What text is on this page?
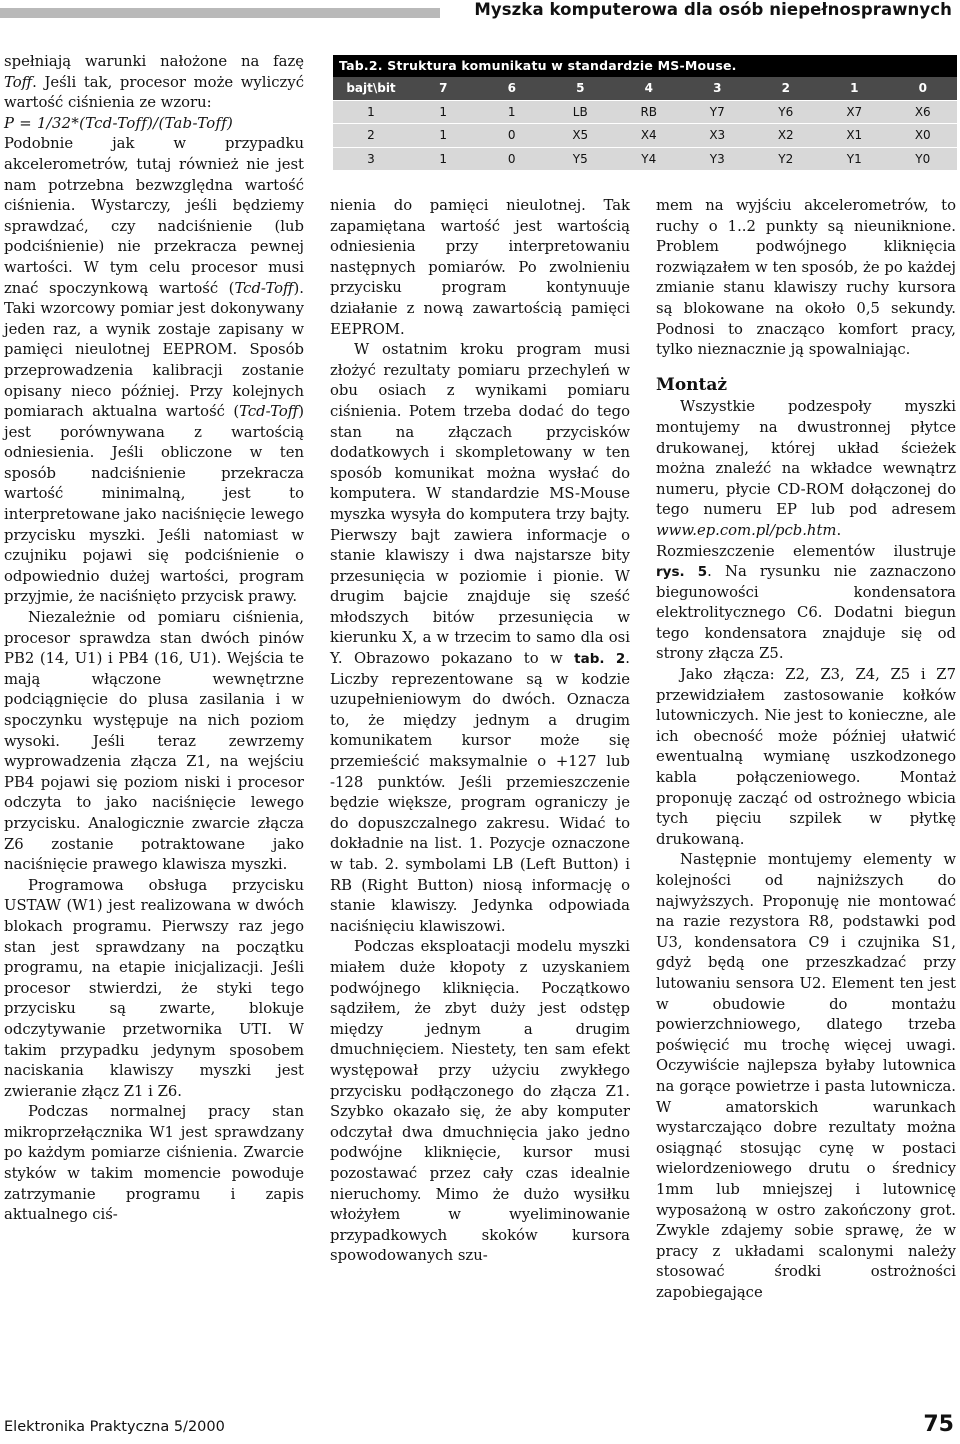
Myszka komputerowa dla osób niepełnosprawnych

spełniają warunki nałożone na fazę Toff. Jeśli tak, procesor może wyliczyć wartość ciśnienia ze wzoru:

P = 1/32*(Tcd-Toff)/(Tab-Toff)

Podobnie jak w przypadku akcelerometrów, tutaj również nie jest nam potrzebna bezwzględna wartość ciśnienia. Wystarczy, jeśli będziemy sprawdzać, czy nadciśnienie (lub podciśnienie) nie przekracza pewnej wartości. W tym celu procesor musi znać spoczynkową wartość (Tcd-Toff). Taki wzorcowy pomiar jest dokonywany jeden raz, a wynik zostaje zapisany w pamięci nieulotnej EEPROM. Sposób przeprowadzenia kalibracji zostanie opisany nieco później. Przy kolejnych pomiarach aktualna wartość (Tcd-Toff) jest porównywana z wartością odniesienia. Jeśli obliczone w ten sposób nadciśnienie przekracza wartość minimalną, jest to interpretowane jako naciśnięcie lewego przycisku myszki. Jeśli natomiast w czujniku pojawi się podciśnienie o odpowiednio dużej wartości, program przyjmie, że naciśnięto przycisk prawy.

Niezależnie od pomiaru ciśnienia, procesor sprawdza stan dwóch pinów PB2 (14, U1) i PB4 (16, U1). Wejścia te mają włączone wewnętrzne podciągnięcie do plusa zasilania i w spoczynku występuje na nich poziom wysoki. Jeśli teraz zewrzemy wyprowadzenia złącza Z1, na wejściu PB4 pojawi się poziom niski i procesor odczyta to jako naciśnięcie lewego przycisku. Analogicznie zwarcie złącza Z6 zostanie potraktowane jako naciśnięcie prawego klawisza myszki.

Programowa obsługa przycisku USTAW (W1) jest realizowana w dwóch blokach programu. Pierwszy raz jego stan jest sprawdzany na początku programu, na etapie inicjalizacji. Jeśli procesor stwierdzi, że styki tego przycisku są zwarte, blokuje odczytywanie przetwornika UTI. W takim przypadku jedynym sposobem naciskania klawiszy myszki jest zwieranie złącz Z1 i Z6.

Podczas normalnej pracy stan mikroprzełącznika W1 jest sprawdzany po każdym pomiarze ciśnienia. Zwarcie styków w takim momencie powoduje zatrzymanie programu i zapis aktualnego ciś-

Tab.2. Struktura komunikatu w standardzie MS-Mouse.
bajt\bit	7	6	5	4	3	2	1	0
1	1	1	LB	RB	Y7	Y6	X7	X6
2	1	0	X5	X4	X3	X2	X1	X0
3	1	0	Y5	Y4	Y3	Y2	Y1	Y0

nienia do pamięci nieulotnej. Tak zapamiętana wartość jest wartością odniesienia przy interpretowaniu następnych pomiarów. Po zwolnieniu przycisku program kontynuuje działanie z nową zawartością pamięci EEPROM.

W ostatnim kroku program musi złożyć rezultaty pomiaru przechyleń w obu osiach z wynikami pomiaru ciśnienia. Potem trzeba dodać do tego stan na złączach przycisków dodatkowych i skompletowany w ten sposób komunikat można wysłać do komputera. W standardzie MS-Mouse myszka wysyła do komputera trzy bajty. Pierwszy bajt zawiera informacje o stanie klawiszy i dwa najstarsze bity przesunięcia w poziomie i pionie. W drugim bajcie znajduje się sześć młodszych bitów przesunięcia w kierunku X, a w trzecim to samo dla osi Y. Obrazowo pokazano to w tab. 2. Liczby reprezentowane są w kodzie uzupełnieniowym do dwóch. Oznacza to, że między jednym a drugim komunikatem kursor może się przemieścić maksymalnie o +127 lub -128 punktów. Jeśli przemieszczenie będzie większe, program ograniczy je do dopuszczalnego zakresu. Widać to dokładnie na list. 1. Pozycje oznaczone w tab. 2. symbolami LB (Left Button) i RB (Right Button) niosą informację o stanie klawiszy. Jedynka odpowiada naciśnięciu klawiszowi.

Podczas eksploatacji modelu myszki miałem duże kłopoty z uzyskaniem podwójnego kliknięcia. Początkowo sądziłem, że zbyt duży jest odstęp między jednym a drugim dmuchnięciem. Niestety, ten sam efekt występował przy użyciu zwykłego przycisku podłączonego do złącza Z1. Szybko okazało się, że aby komputer odczytał dwa dmuchnięcia jako jedno podwójne kliknięcie, kursor musi pozostawać przez cały czas idealnie nieruchomy. Mimo że dużo wysiłku włożyłem w wyeliminowanie przypadkowych skoków kursora spowodowanych szu-

mem na wyjściu akcelerometrów, to ruchy o 1..2 punkty są nieuniknione. Problem podwójnego kliknięcia rozwiązałem w ten sposób, że po każdej zmianie stanu klawiszy ruchy kursora są blokowane na około 0,5 sekundy. Podnosi to znacząco komfort pracy, tylko nieznacznie ją spowalniając.

Montaż

Wszystkie podzespoły myszki montujemy na dwustronnej płytce drukowanej, której układ ścieżek można znaleźć na wkładce wewnątrz numeru, płycie CD-ROM dołączonej do tego numeru EP lub pod adresem www.ep.com.pl/pcb.htm. Rozmieszczenie elementów ilustruje rys. 5. Na rysunku nie zaznaczono biegunowości kondensatora elektrolitycznego C6. Dodatni biegun tego kondensatora znajduje się od strony złącza Z5.

Jako złącza: Z2, Z3, Z4, Z5 i Z7 przewidziałem zastosowanie kołków lutowniczych. Nie jest to konieczne, ale ich obecność może później ułatwić ewentualną wymianę uszkodzonego kabla połączeniowego. Montaż proponuję zacząć od ostrożnego wbicia tych pięciu szpilek w płytkę drukowaną.

Następnie montujemy elementy w kolejności od najniższych do najwyższych. Proponuję nie montować na razie rezystora R8, podstawki pod U3, kondensatora C9 i czujnika S1, gdyż będą one przeszkadzać przy lutowaniu sensora U2. Element ten jest w obudowie do montażu powierzchniowego, dlatego trzeba poświęcić mu trochę więcej uwagi. Oczywiście najlepsza byłaby lutownica na gorące powietrze i pasta lutownicza. W amatorskich warunkach wystarczająco dobre rezultaty można osiągnąć stosując cynę w postaci wielordzeniowego drutu o średnicy 1mm lub mniejszej i lutownicę wyposażoną w ostro zakończony grot. Zwykle zdajemy sobie sprawę, że w pracy z układami scalonymi należy stosować środki ostrożności zapobiegające

Elektronika Praktyczna 5/2000	75
